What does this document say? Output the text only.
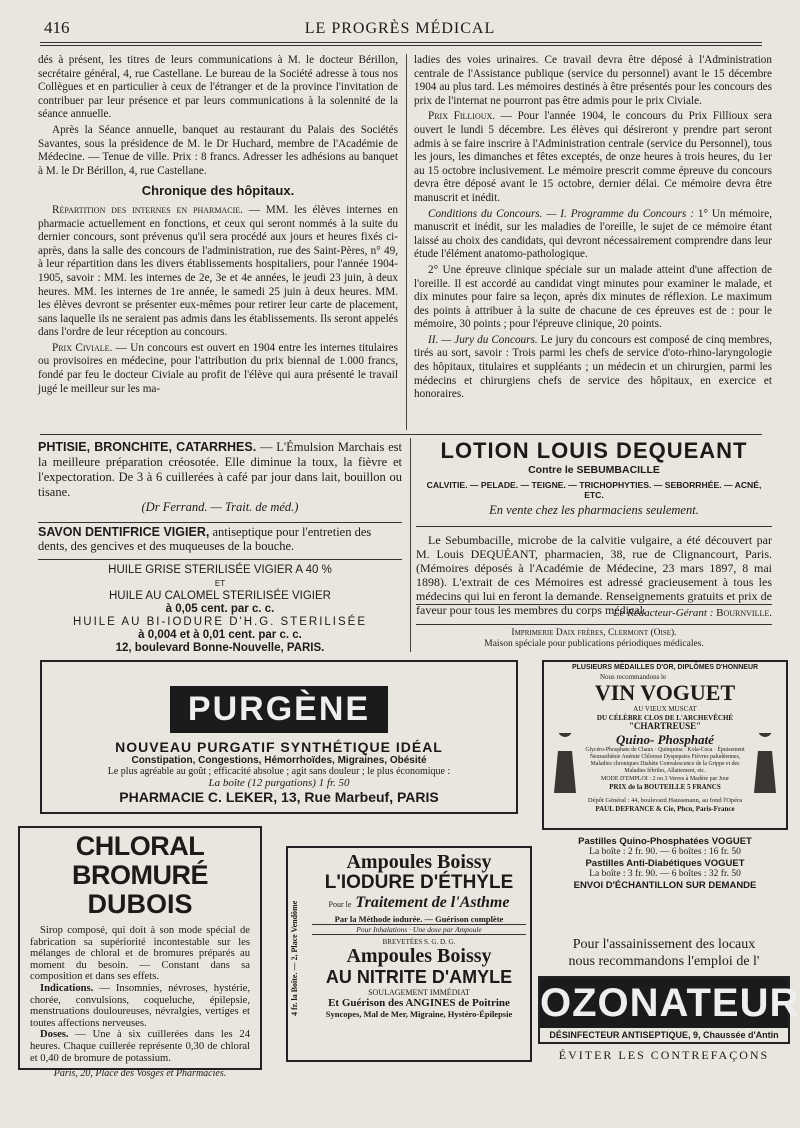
416	LE PROGRÈS MÉDICAL

dés à présent, les titres de leurs communications à M. le docteur Bérillon, secrétaire général, 4, rue Castellane. Le bureau de la Société adresse à tous nos Collègues et en particulier à ceux de l'étranger et de la province l'invitation de contribuer par leur présence et par leurs communications à la solennité de la séance annuelle.

Après la Séance annuelle, banquet au restaurant du Palais des Sociétés Savantes, sous la présidence de M. le Dr Huchard, membre de l'Académie de Médecine. — Tenue de ville. Prix : 8 francs. Adresser les adhésions au banquet à M. le Dr Bérillon, 4, rue Castellane.

Chronique des hôpitaux.

Répartition des internes en pharmacie. — MM. les élèves internes en pharmacie actuellement en fonctions, et ceux qui seront nommés à la suite du dernier concours, sont prévenus qu'il sera procédé aux jours et heures fixés ci-après, dans la salle des concours de l'administration, rue des Saint-Pères, n° 49, à leur répartition dans les divers établissements hospitaliers, pour l'année 1904-1905, savoir : MM. les internes de 2e, 3e et 4e années, le jeudi 23 juin, à deux heures. MM. les internes de 1re année, le samedi 25 juin à deux heures. MM. les élèves devront se présenter eux-mêmes pour retirer leur carte de placement, sans laquelle ils ne seraient pas admis dans les établissements. Ils seront appelés dans l'ordre de leur réception au concours.

Prix Civiale. — Un concours est ouvert en 1904 entre les internes titulaires ou provisoires en médecine, pour l'attribution du prix biennal de 1.000 francs, fondé par feu le docteur Civiale au profit de l'élève qui aura présenté le travail jugé le meilleur sur les ma-

ladies des voies urinaires. Ce travail devra être déposé à l'Administration centrale de l'Assistance publique (service du personnel) avant le 15 décembre 1904 au plus tard. Les mémoires destinés à être présentés pour les concours des prix de l'internat ne pourront pas être admis pour le prix Civiale.

Prix Fillioux. — Pour l'année 1904, le concours du Prix Fillioux sera ouvert le lundi 5 décembre. Les élèves qui désireront y prendre part seront admis à se faire inscrire à l'Administration centrale (service du Personnel), tous les jours, les dimanches et fêtes exceptés, de onze heures à trois heures, du 1er au 15 octobre inclusivement. Le mémoire prescrit comme épreuve du concours devra être déposé avant le 15 octobre, dernier délai. Ce mémoire devra être manuscrit et inédit.

Conditions du Concours. — I. Programme du Concours : 1° Un mémoire, manuscrit et inédit, sur les maladies de l'oreille, le sujet de ce mémoire étant laissé au choix des candidats, qui devront nécessairement comprendre dans leur étude l'élément anatomo-pathologique.

2° Une épreuve clinique spéciale sur un malade atteint d'une affection de l'oreille. Il est accordé au candidat vingt minutes pour examiner le malade, et dix minutes pour faire sa leçon, après dix minutes de réflexion. Le maximum des points à attribuer à la suite de chacune de ces épreuves est de : pour le mémoire, 30 points ; pour l'épreuve clinique, 20 points.

II. — Jury du Concours. Le jury du concours est composé de cinq membres, tirés au sort, savoir : Trois parmi les chefs de service d'oto-rhino-laryngologie des hôpitaux, titulaires et suppléants ; un médecin et un chirurgien, parmi les médecins et chirurgiens chefs de service des hôpitaux, en exercice et honoraires.

PHTISIE, BRONCHITE, CATARRHES. — L'Émulsion Marchais est la meilleure préparation créosotée. Elle diminue la toux, la fièvre et l'expectoration. De 3 à 6 cuillerées à café par jour dans lait, bouillon ou tisane.
(Dr Ferrand. — Trait. de méd.)
SAVON DENTIFRICE VIGIER, antiseptique pour l'entretien des dents, des gencives et des muqueuses de la bouche.
HUILE GRISE STERILISÉE VIGIER A 40 %
ET
HUILE AU CALOMEL STERILISÉE VIGIER
à 0,05 cent. par c. c.
HUILE AU BI-IODURE D'H.G. STERILISÉE
à 0,004 et à 0,01 cent. par c. c.
12, boulevard Bonne-Nouvelle, PARIS.
LOTION LOUIS DEQUEANT
Contre le SEBUMBACILLE
CALVITIE. — PELADE. — TEIGNE. — TRICHOPHYTIES. — SEBORRHÉE. — ACNÉ, ETC.
En vente chez les pharmaciens seulement.
Le Sebumbacille, microbe de la calvitie vulgaire, a été découvert par M. Louis DEQUÉANT, pharmacien, 38, rue de Clignancourt, Paris. (Mémoires déposés à l'Académie de Médecine, 23 mars 1897, 8 mai 1898). L'extrait de ces Mémoires est adressé gracieusement à tous les médecins qui lui en feront la demande. Renseignements gratuits et prix de faveur pour tous les membres du corps médical.
Le Rédacteur-Gérant : Bournville.
Imprimerie Daix frères, Clermont (Oise).
Maison spéciale pour publications périodiques médicales.
PURGÈNE
NOUVEAU PURGATIF SYNTHÉTIQUE IDÉAL
Constipation, Congestions, Hémorrhoïdes, Migraines, Obésité
Le plus agréable au goût ; efficacité absolue ; agit sans douleur ; le plus économique :
La boîte (12 purgations) 1 fr. 50
PHARMACIE C. LEKER, 13, Rue Marbeuf, PARIS
PLUSIEURS MÉDAILLES D'OR, DIPLÔMES D'HONNEUR
Nous recommandons le
VIN VOGUET
AU VIEUX MUSCAT
DU CÉLÈBRE CLOS DE L'ARCHEVÊCHÉ
"CHARTREUSE"
Quino- Phosphaté
Glycéro-Phosphate de Chaux · Quinquina · Kola-Coca · Épuisement Neurasthénie Anémie Chlorose Dyspepsies Fièvres paludéennes, Maladies chroniques Diabète Convalescence de la Grippe et des Maladies fébriles, Allaitement, etc.
MODE D'EMPLOI : 2 ou 3 Verres à Madère par Jour
PRIX de la BOUTEILLE 5 FRANCS
Dépôt Général : 44, boulevard Haussmann, au fond l'Opéra
PAUL DEFRANCE & Cie, Phcn, Paris-France
Pastilles Quino-Phosphatées VOGUET
La boîte : 2 fr. 90. — 6 boîtes : 16 fr. 50
Pastilles Anti-Diabétiques VOGUET
La boîte : 3 fr. 90. — 6 boîtes : 32 fr. 50
ENVOI D'ÉCHANTILLON SUR DEMANDE
CHLORAL BROMURÉ
DUBOIS
Sirop composé, qui doit à son mode spécial de fabrication sa supériorité incontestable sur les mélanges de chloral et de bromures préparés au moment du besoin. — Constant dans sa composition et dans ses effets.
Indications. — Insomnies, névroses, hystérie, chorée, convulsions, coqueluche, épilepsie, menstruations douloureuses, névralgies, vertiges et toutes affections nerveuses.
Doses. — Une à six cuillerées dans les 24 heures. Chaque cuillerée représente 0,30 de chloral et 0,40 de bromure de potassium.
Paris, 20, Place des Vosges et Pharmacies.
4 fr. la Boîte. — 2, Place Vendôme
Ampoules Boissy
L'IODURE D'ÉTHYLE
Pour le Traitement de l'Asthme
Par la Méthode iodurée. — Guérison complète
Pour Inhalations · Une dose par Ampoule
BREVETÉES S. G. D. G.
Ampoules Boissy
AU NITRITE D'AMYLE
SOULAGEMENT IMMÉDIAT
Et Guérison des ANGINES de Poitrine
Syncopes, Mal de Mer, Migraine, Hystéro-Épilepsie
Pour l'assainissement des locaux
nous recommandons l'emploi de l'
OZONATEUR
DÉSINFECTEUR ANTISEPTIQUE, 9, Chaussée d'Antin
ÉVITER LES CONTREFAÇONS
